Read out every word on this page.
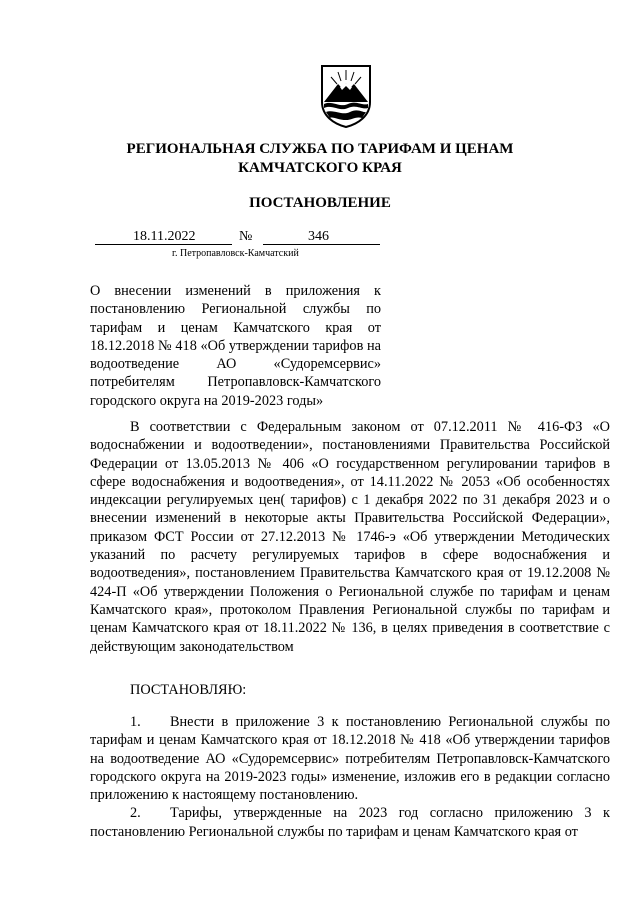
РЕГИОНАЛЬНАЯ СЛУЖБА ПО ТАРИФАМ И ЦЕНАМ
КАМЧАТСКОГО КРАЯ
ПОСТАНОВЛЕНИЕ
18.11.2022	№	346
г. Петропавловск-Камчатский
О внесении изменений в приложения к постановлению Региональной службы по тарифам и ценам Камчатского края от 18.12.2018 № 418 «Об утверждении тарифов на водоотведение АО «Судоремсервис» потребителям Петропавловск-Камчатского городского округа на 2019-2023 годы»

В соответствии с Федеральным законом от 07.12.2011 № 416-ФЗ «О водоснабжении и водоотведении», постановлениями Правительства Российской Федерации от 13.05.2013 № 406 «О государственном регулировании тарифов в сфере водоснабжения и водоотведения», от 14.11.2022 № 2053 «Об особенностях индексации регулируемых цен( тарифов) с 1 декабря 2022 по 31 декабря 2023 и о внесении изменений в некоторые акты Правительства Российской Федерации», приказом ФСТ России от 27.12.2013 № 1746-э «Об утверждении Методических указаний по расчету регулируемых тарифов в сфере водоснабжения и водоотведения», постановлением Правительства Камчатского края от 19.12.2008 № 424-П «Об утверждении Положения о Региональной службе по тарифам и ценам Камчатского края», протоколом Правления Региональной службы по тарифам и ценам Камчатского края от 18.11.2022 № 136, в целях приведения в соответствие с действующим законодательством

ПОСТАНОВЛЯЮ:

1. Внести в приложение 3 к постановлению Региональной службы по тарифам и ценам Камчатского края от 18.12.2018 № 418 «Об утверждении тарифов на водоотведение АО «Судоремсервис» потребителям Петропавловск-Камчатского городского округа на 2019-2023 годы» изменение, изложив его в редакции согласно приложению к настоящему постановлению.

2. Тарифы, утвержденные на 2023 год согласно приложению 3 к постановлению Региональной службы по тарифам и ценам Камчатского края от
